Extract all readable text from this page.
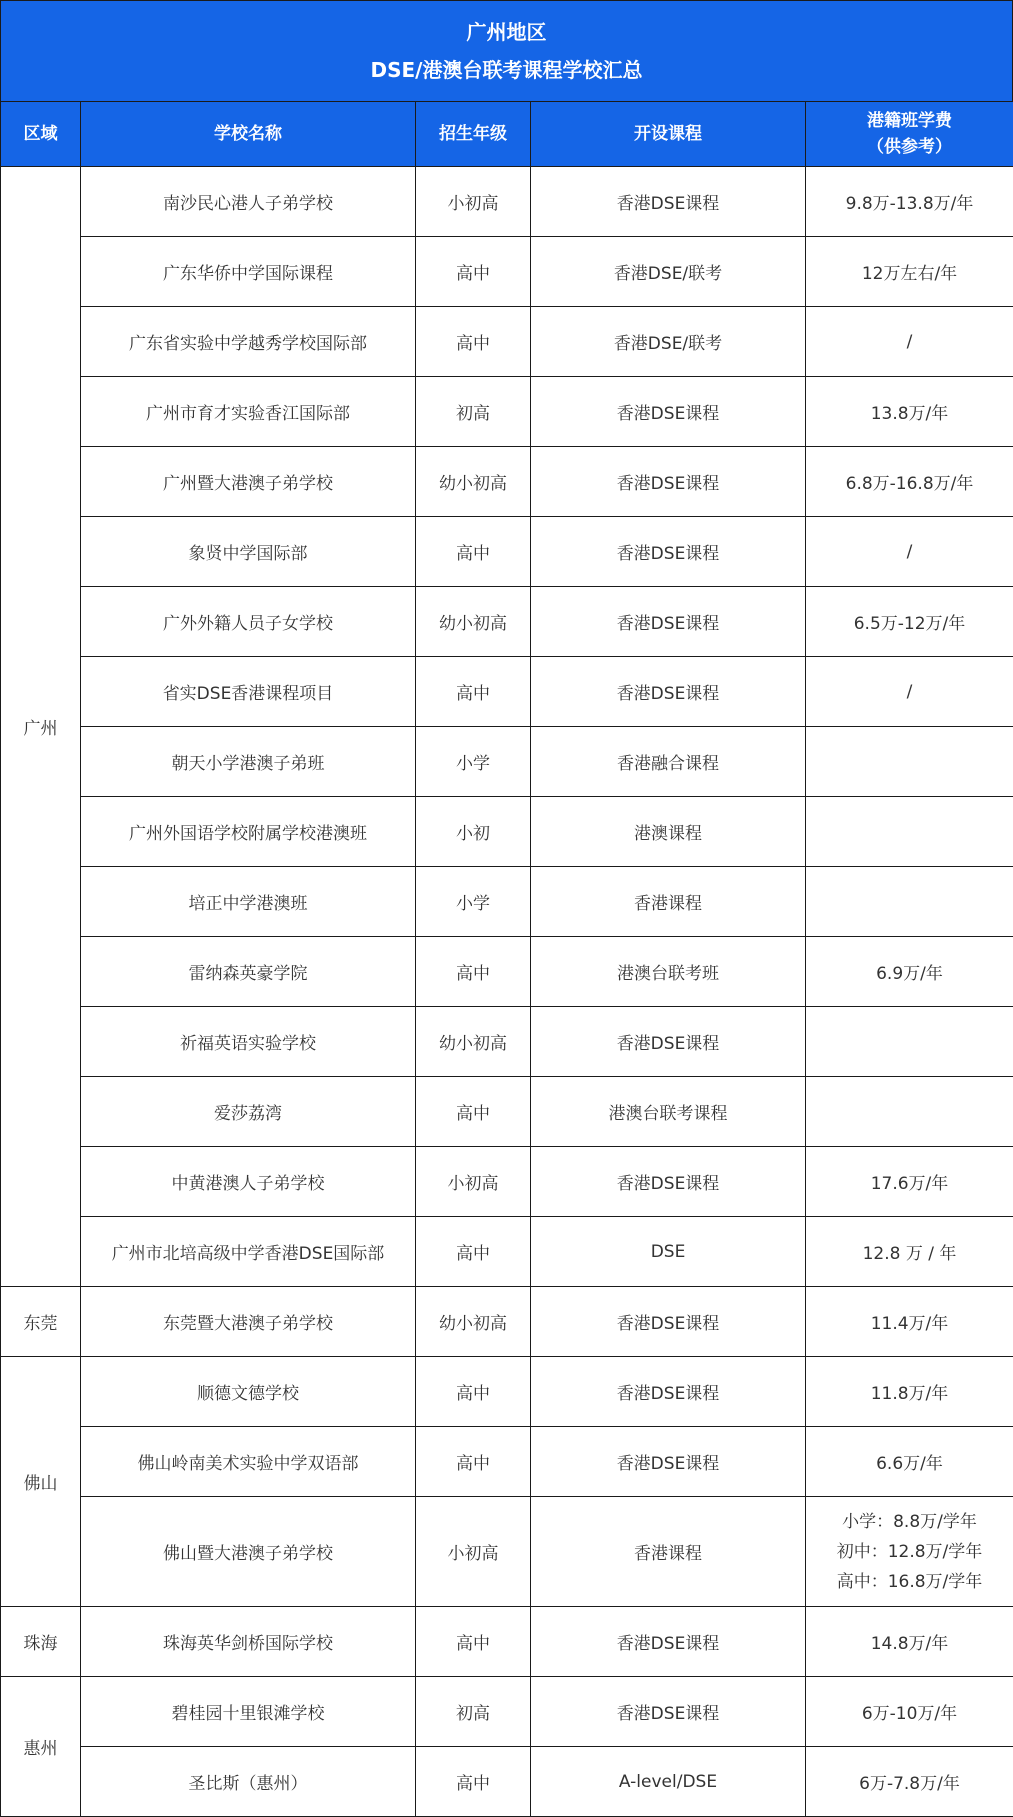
广州地区
DSE/港澳台联考课程学校汇总
区域	学校名称	招生年级	开设课程	港籍班学费
（供参考）

广州	南沙民心港人子弟学校	小初高	香港DSE课程	9.8万-13.8万/年
	广东华侨中学国际课程	高中	香港DSE/联考	12万左右/年
	广东省实验中学越秀学校国际部	高中	香港DSE/联考	/
	广州市育才实验香江国际部	初高	香港DSE课程	13.8万/年
	广州暨大港澳子弟学校	幼小初高	香港DSE课程	6.8万-16.8万/年
	象贤中学国际部	高中	香港DSE课程	/
	广外外籍人员子女学校	幼小初高	香港DSE课程	6.5万-12万/年
	省实DSE香港课程项目	高中	香港DSE课程	/
	朝天小学港澳子弟班	小学	香港融合课程	
	广州外国语学校附属学校港澳班	小初	港澳课程	
	培正中学港澳班	小学	香港课程	
	雷纳森英豪学院	高中	港澳台联考班	6.9万/年
	祈福英语实验学校	幼小初高	香港DSE课程	
	爱莎荔湾	高中	港澳台联考课程	
	中黄港澳人子弟学校	小初高	香港DSE课程	17.6万/年
	广州市北培高级中学香港DSE国际部	高中	DSE	12.8 万 / 年
东莞	东莞暨大港澳子弟学校	幼小初高	香港DSE课程	11.4万/年
佛山	顺德文德学校	高中	香港DSE课程	11.8万/年
	佛山岭南美术实验中学双语部	高中	香港DSE课程	6.6万/年
	佛山暨大港澳子弟学校	小初高	香港课程	小学：8.8万/学年
初中：12.8万/学年
高中：16.8万/学年

珠海	珠海英华剑桥国际学校	高中	香港DSE课程	14.8万/年
惠州	碧桂园十里银滩学校	初高	香港DSE课程	6万-10万/年
	圣比斯（惠州）	高中	A-level/DSE	6万-7.8万/年
